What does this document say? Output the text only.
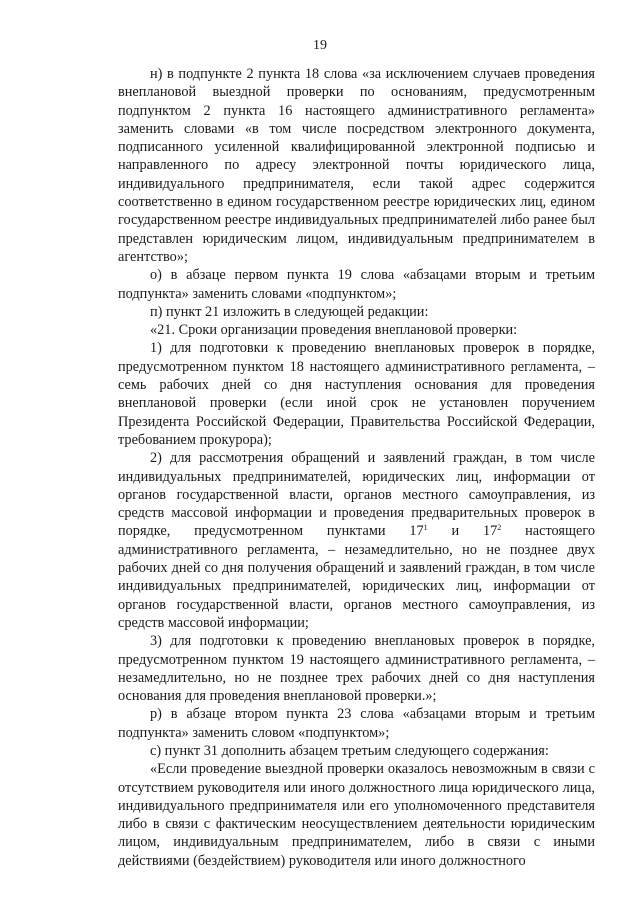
19

н) в подпункте 2 пункта 18 слова «за исключением случаев проведения внеплановой выездной проверки по основаниям, предусмотренным подпунктом 2 пункта 16 настоящего административного регламента» заменить словами «в том числе посредством электронного документа, подписанного усиленной квалифицированной электронной подписью и направленного по адресу электронной почты юридического лица, индивидуального предпринимателя, если такой адрес содержится соответственно в едином государственном реестре юридических лиц, едином государственном реестре индивидуальных предпринимателей либо ранее был представлен юридическим лицом, индивидуальным предпринимателем в агентство»;

о) в абзаце первом пункта 19 слова «абзацами вторым и третьим подпункта» заменить словами «подпунктом»;

п) пункт 21 изложить в следующей редакции:

«21. Сроки организации проведения внеплановой проверки:

1) для подготовки к проведению внеплановых проверок в порядке, предусмотренном пунктом 18 настоящего административного регламента, – семь рабочих дней со дня наступления основания для проведения внеплановой проверки (если иной срок не установлен поручением Президента Российской Федерации, Правительства Российской Федерации, требованием прокурора);

2) для рассмотрения обращений и заявлений граждан, в том числе индивидуальных предпринимателей, юридических лиц, информации от органов государственной власти, органов местного самоуправления, из средств массовой информации и проведения предварительных проверок в порядке, предусмотренном пунктами $17^1$ и $17^2$ настоящего административного регламента, – незамедлительно, но не позднее двух рабочих дней со дня получения обращений и заявлений граждан, в том числе индивидуальных предпринимателей, юридических лиц, информации от органов государственной власти, органов местного самоуправления, из средств массовой информации;

3) для подготовки к проведению внеплановых проверок в порядке, предусмотренном пунктом 19 настоящего административного регламента, – незамедлительно, но не позднее трех рабочих дней со дня наступления основания для проведения внеплановой проверки.»;

р) в абзаце втором пункта 23 слова «абзацами вторым и третьим подпункта» заменить словом «подпунктом»;

с) пункт 31 дополнить абзацем третьим следующего содержания:

«Если проведение выездной проверки оказалось невозможным в связи с отсутствием руководителя или иного должностного лица юридического лица, индивидуального предпринимателя или его уполномоченного представителя либо в связи с фактическим неосуществлением деятельности юридическим лицом, индивидуальным предпринимателем, либо в связи с иными действиями (бездействием) руководителя или иного должностного
